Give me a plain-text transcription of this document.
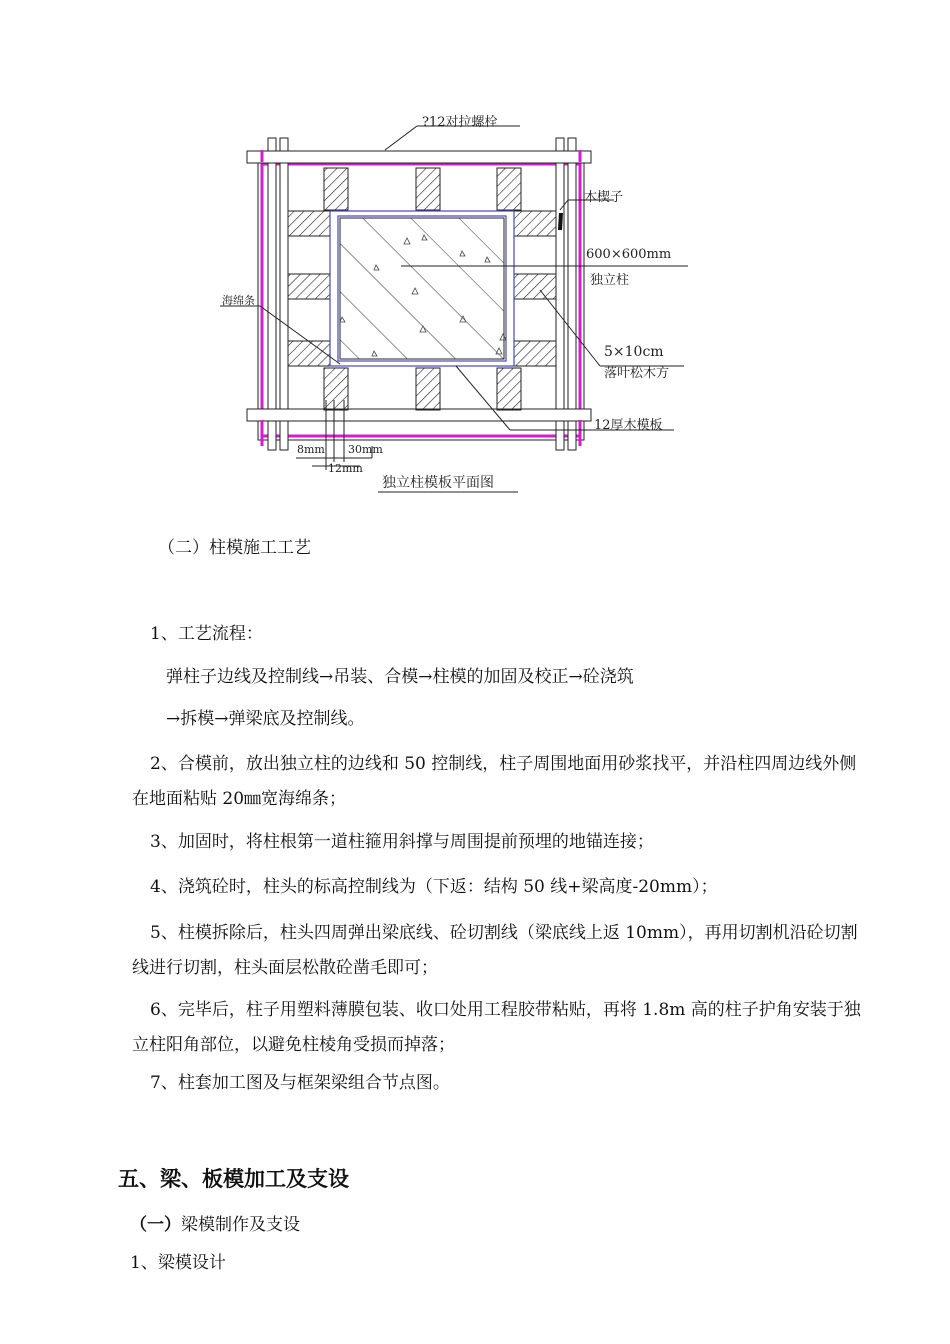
?12对拉螺栓
木楔子
600×600mm
独立柱
海绵条
5×10cm
落叶松木方
12厚木模板
8mm 30mm
12mm
独立柱模板平面图
（二）柱模施工工艺
1、工艺流程：
弹柱子边线及控制线→吊装、合模→柱模的加固及校正→砼浇筑
→拆模→弹梁底及控制线。
2、合模前，放出独立柱的边线和 50 控制线，柱子周围地面用砂浆找平，并沿柱四周边线外侧在地面粘贴 20㎜宽海绵条；
3、加固时，将柱根第一道柱箍用斜撑与周围提前预埋的地锚连接；
4、浇筑砼时，柱头的标高控制线为（下返：结构 50 线+梁高度-20mm）；
5、柱模拆除后，柱头四周弹出梁底线、砼切割线（梁底线上返 10mm），再用切割机沿砼切割线进行切割，柱头面层松散砼凿毛即可；
6、完毕后，柱子用塑料薄膜包装、收口处用工程胶带粘贴，再将 1.8m 高的柱子护角安装于独立柱阳角部位，以避免柱棱角受损而掉落；
7、柱套加工图及与框架梁组合节点图。
五、梁、板模加工及支设
（一）梁模制作及支设
1、梁模设计
